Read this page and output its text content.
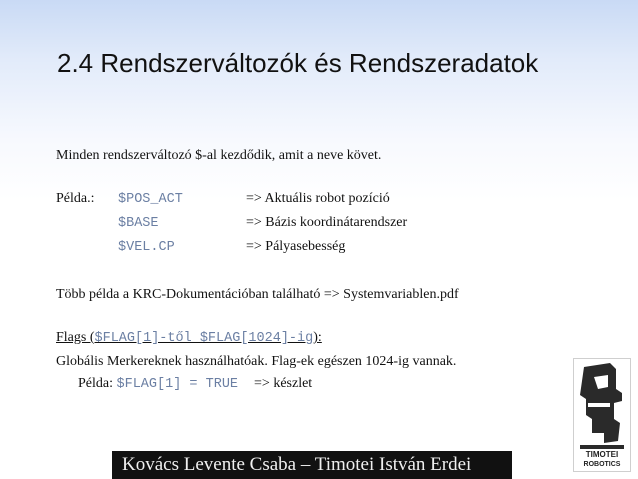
2.4 Rendszerváltozók és Rendszeradatok
Minden rendszerváltozó $-al kezdődik, amit a neve követ.
Példa.: $POS_ACT	=> Aktuális robot pozíció
$BASE	=> Bázis koordinátarendszer
$VEL.CP	=> Pályasebesség
Több példa a KRC-Dokumentációban található => Systemvariablen.pdf
Flags ($FLAG[1]-től $FLAG[1024]-ig):
Globális Merkereknek használhatóak. Flag-ek egészen 1024-ig vannak.
Példa: $FLAG[1] = TRUE => készlet
TIMOTEI
ROBOTICS
Kovács Levente Csaba – Timotei István Erdei
